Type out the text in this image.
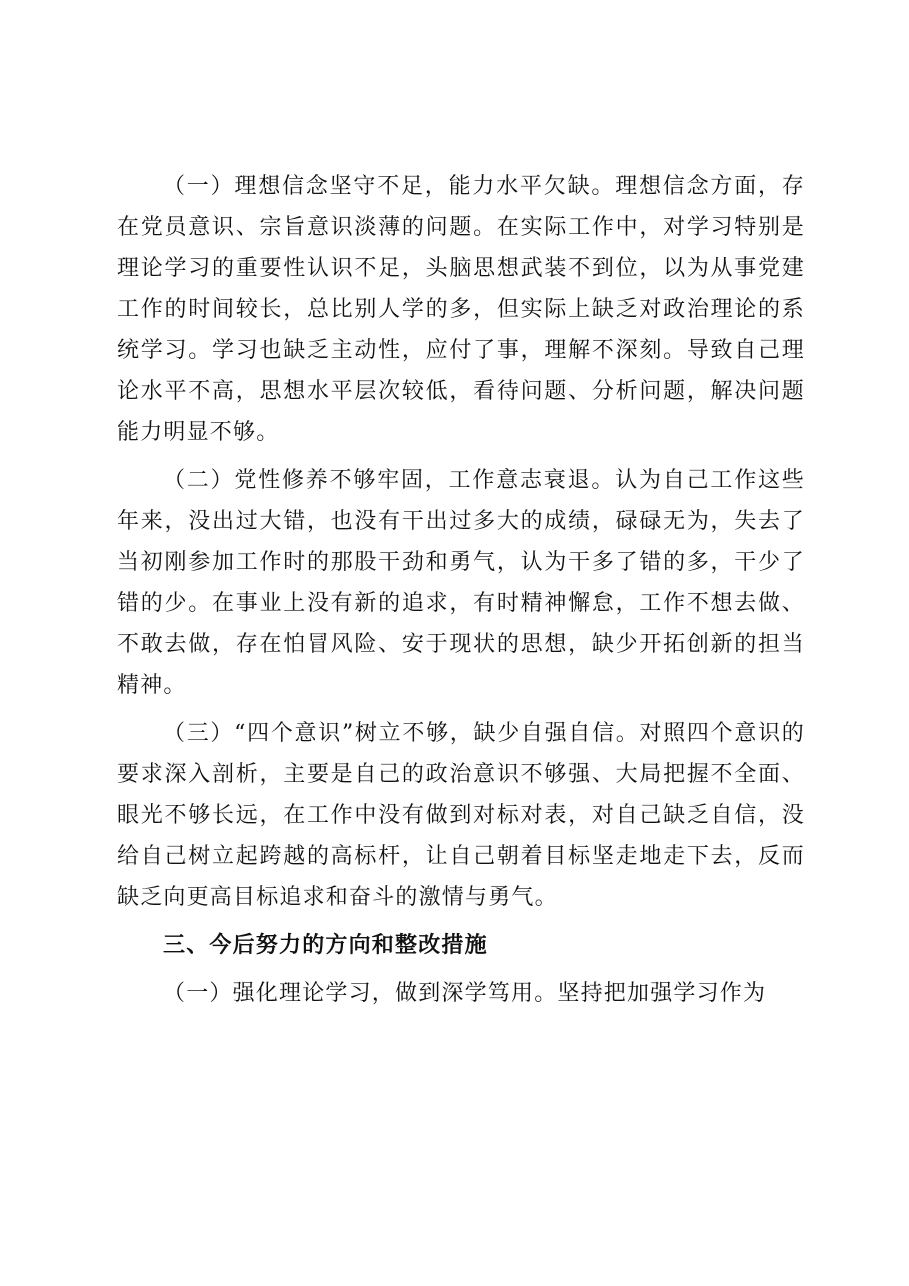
（一）理想信念坚守不足，能力水平欠缺。理想信念方面，存在党员意识、宗旨意识淡薄的问题。在实际工作中，对学习特别是理论学习的重要性认识不足，头脑思想武装不到位，以为从事党建工作的时间较长，总比别人学的多，但实际上缺乏对政治理论的系统学习。学习也缺乏主动性，应付了事，理解不深刻。导致自己理论水平不高，思想水平层次较低，看待问题、分析问题，解决问题能力明显不够。

（二）党性修养不够牢固，工作意志衰退。认为自己工作这些年来，没出过大错，也没有干出过多大的成绩，碌碌无为，失去了当初刚参加工作时的那股干劲和勇气，认为干多了错的多，干少了错的少。在事业上没有新的追求，有时精神懈怠，工作不想去做、不敢去做，存在怕冒风险、安于现状的思想，缺少开拓创新的担当精神。

（三）“四个意识”树立不够，缺少自强自信。对照四个意识的要求深入剖析，主要是自己的政治意识不够强、大局把握不全面、眼光不够长远，在工作中没有做到对标对表，对自己缺乏自信，没给自己树立起跨越的高标杆，让自己朝着目标坚走地走下去，反而缺乏向更高目标追求和奋斗的激情与勇气。

三、今后努力的方向和整改措施

（一）强化理论学习，做到深学笃用。坚持把加强学习作为
